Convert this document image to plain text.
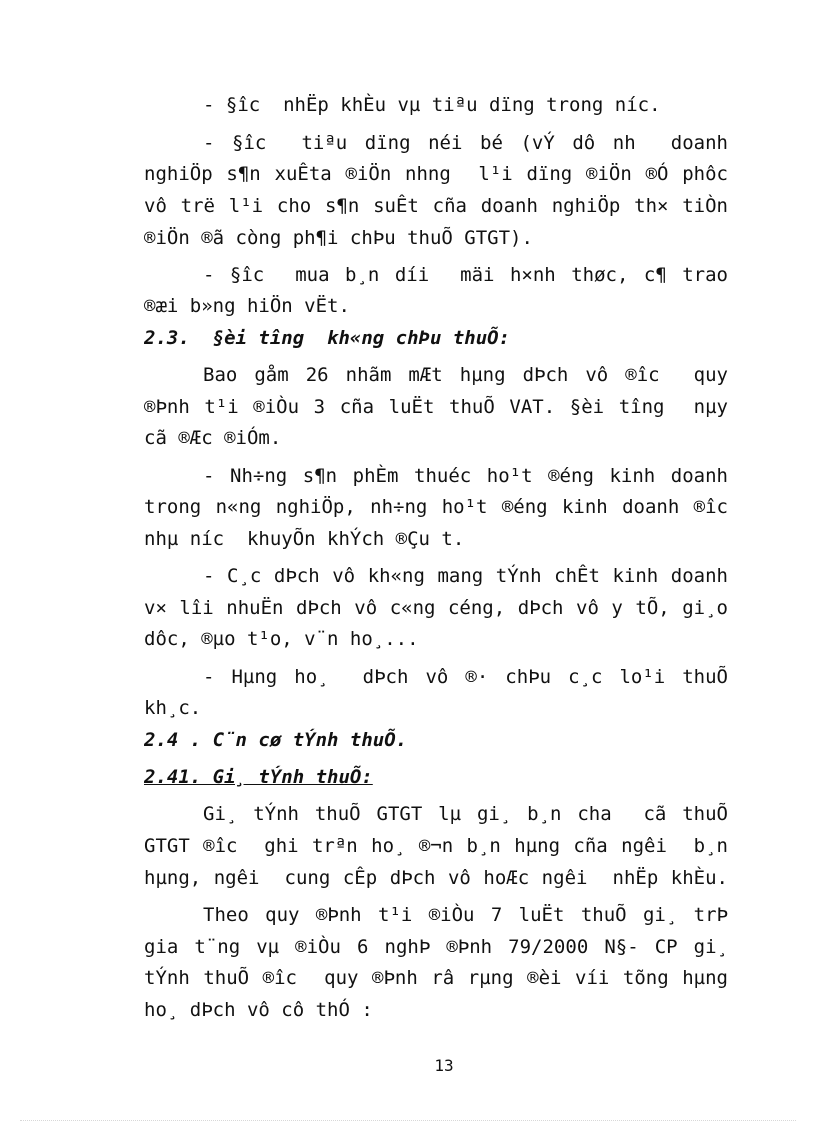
- §îc  nhËp khÈu vµ tiªu dïng trong níc.
- §îc  tiªu dïng néi bé (vÝ dô nh  doanh
nghiÖp s¶n xuÊta ®iÖn nhng  l¹i dïng ®iÖn ®Ó phôc
vô trë l¹i cho s¶n suÊt cña doanh nghiÖp th× tiÒn
®iÖn ®ã còng ph¶i chÞu thuÕ GTGT).
- §îc  mua b¸n díi  mäi h×nh thøc, c¶ trao
®æi b»ng hiÖn vËt.
2.3.  §èi tîng  kh«ng chÞu thuÕ:
Bao gåm 26 nhãm mÆt hµng dÞch vô ®îc  quy
®Þnh t¹i ®iÒu 3 cña luËt thuÕ VAT. §èi tîng  nµy
cã ®Æc ®iÓm.
- Nh÷ng s¶n phÈm thuéc ho¹t ®éng kinh doanh
trong n«ng nghiÖp, nh÷ng ho¹t ®éng kinh doanh ®îc
nhµ níc  khuyÕn khÝch ®Çu t.
- C¸c dÞch vô kh«ng mang tÝnh chÊt kinh doanh
v× lîi nhuËn dÞch vô c«ng céng, dÞch vô y tÕ, gi¸o
dôc, ®µo t¹o, v¨n ho¸...
- Hµng ho¸  dÞch vô ®· chÞu c¸c lo¹i thuÕ
kh¸c.
2.4 . C¨n cø tÝnh thuÕ.
2.41. Gi¸ tÝnh thuÕ:
Gi¸ tÝnh thuÕ GTGT lµ gi¸ b¸n cha  cã thuÕ
GTGT ®îc  ghi trªn ho¸ ®¬n b¸n hµng cña ngêi  b¸n
hµng, ngêi  cung cÊp dÞch vô hoÆc ngêi  nhËp khÈu.
Theo quy ®Þnh t¹i ®iÒu 7 luËt thuÕ gi¸ trÞ
gia t¨ng vµ ®iÒu 6 nghÞ ®Þnh 79/2000 N§- CP gi¸
tÝnh thuÕ ®îc  quy ®Þnh râ rµng ®èi víi tõng hµng
ho¸ dÞch vô cô thÓ :
13
